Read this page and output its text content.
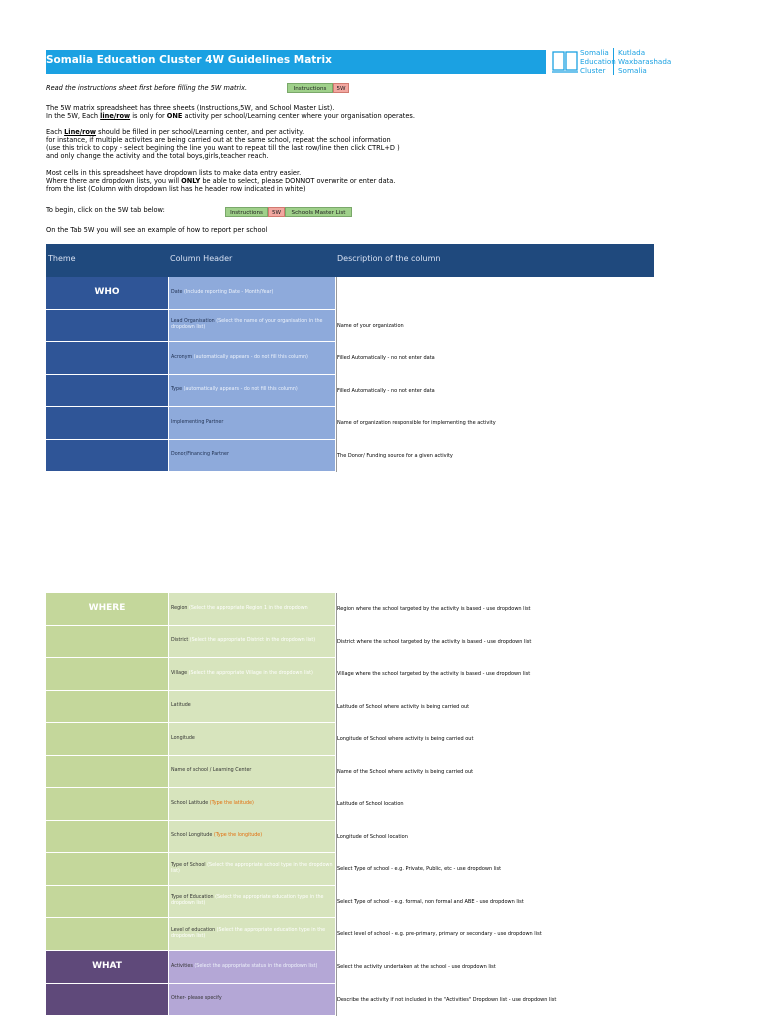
Somalia Education Cluster 4W Guidelines Matrix
Somalia
Education
Cluster
Kutlada
Waxbarashada
Somalia
Read the instructions sheet first before filling the 5W matrix.	Instructions	5W
The 5W matrix spreadsheet has three sheets (Instructions,5W, and School Master List).
In the 5W, Each line/row is only for ONE activity per school/Learning center where your organisation operates.
Each Line/row should be filled in per school/Learning center, and per activity.
for instance, if multiple activites are being carried out at the same school, repeat the school information
(use this trick to copy - select begining the line you want to repeat till the last row/line then click CTRL+D )
and only change the activity and the total boys,girls,teacher reach.
Most cells in this spreadsheet have dropdown lists to make data entry easier.
Where there are dropdown lists, you will ONLY be able to select, please DONNOT overwrite or enter data.
from the list (Column with dropdown list has he header row indicated in white)
To begin, click on the 5W tab below:	Instructions	5W	Schools Master List
On the Tab 5W you will see an example of how to report per school
Theme	Column Header	Description of the column
WHO	Date (Include reporting Date - Month/Year)
Lead Organisation (Select the name of your organisation in the dropdown list)	Name of your organization
Acronym (automatically appears - do not fill this column)	Filled Automatically - no not enter data
Type (automatically appears - do not fill this column)	Filled Automatically - no not enter data
Implementing Partner	Name of organization responsible for implementing the activity
Donor/Financing Partner	The Donor/ Funding source for a given activity
WHERE	Region (Select the appropriate Region 1 in the dropdown	Region where the school targeted by the activity is based - use dropdown list
District (Select the appropriate District in the dropdown list)	District where the school targeted by the activity is based - use dropdown list
Village (Select the appropriate Village in the dropdown list)	Village where the school targeted by the activity is based - use dropdown list
Latitude	Latitude of School where activity is being carried out
Longitude	Longitude of School where activity is being carried out
Name of school / Learning Center	Name of the School where activity is being carried out
School Latitude (Type the latitude)	Latitude of School location
School Longitude (Type the longitude)	Longitude of School location
Type of School (Select the appropriate school type in the dropdown list)	Select Type of school - e.g. Private, Public, etc - use dropdown list
Type of Education (Select the appropriate education type in the dropdown list)	Select Type of school - e.g. formal, non formal and ABE - use dropdown list
Level of education (Select the appropriate education type in the dropdown list)	Select level of school - e.g. pre-primary, primary or secondary - use dropdown list
WHAT	Activities (Select the appropriate status in the dropdown list)	Select the activity undertaken at the school - use dropdown list
Other- please specify	Describe the activity if not included in the "Activities" Dropdown list - use dropdown list
